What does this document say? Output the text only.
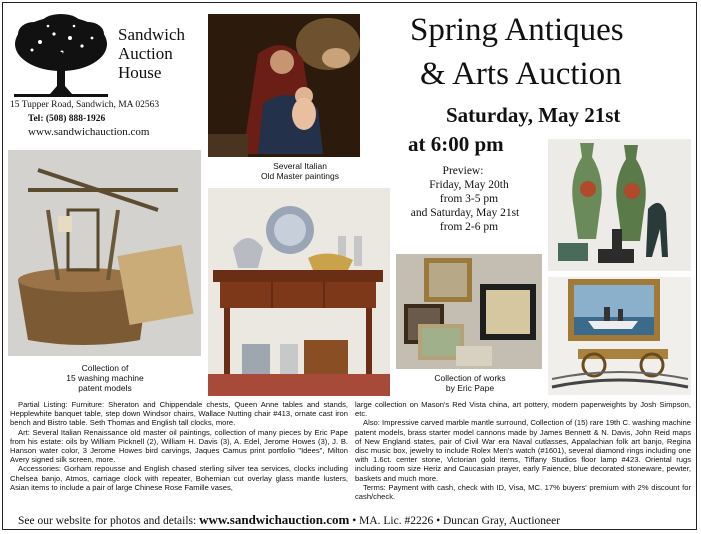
Sandwich
Auction
House
15 Tupper Road, Sandwich, MA 02563
Tel: (508) 888-1926
www.sandwichauction.com
Spring Antiques
& Arts Auction
Saturday, May 21st
at 6:00 pm
Preview:
Friday, May 20th
from 3-5 pm
and Saturday, May 21st
from 2-6 pm
Several Italian
Old Master paintings
Collection of
15 washing machine
patent models
Collection of works
by Eric Pape

Partial Listing: Furniture: Sheraton and Chippendale chests, Queen Anne tables and stands, Hepplewhite banquet table, step down Windsor chairs, Wallace Nutting chair #413, ornate cast iron bench and Bistro table. Seth Thomas and English tall clocks, more.

Art: Several Italian Renaissance old master oil paintings, collection of many pieces by Eric Pape from his estate: oils by William Picknell (2), William H. Davis (3), A. Edel, Jerome Howes (3), J. B. Hanson water color, 3 Jerome Howes bird carvings, Jaques Camus print portfolio "Idees", Milton Avery signed silk screen, more.

Accessories: Gorham repousse and English chased sterling silver tea services, clocks including Chelsea banjo, Atmos, carriage clock with repeater, Bohemian cut overlay glass mantle lusters, Asian items to include a pair of large Chinese Rose Famille vases,

large collection on Mason's Red Vista china, art pottery, modern paperweights by Josh Simpson, etc.

Also: Impressive carved marble mantle surround, Collection of (15) rare 19th C. washing machine patent models, brass starter model cannons made by James Bennett & N. Davis, John Reid maps of New England states, pair of Civil War era Naval cutlasses, Appalachian folk art banjo, Regina disc music box, jewelry to include Rolex Men's watch (#1601), several diamond rings including one with 1.6ct. center stone, Victorian gold items, Tiffany Studios floor lamp #423. Oriental rugs including room size Heriz and Caucasian prayer, early Faience, blue decorated stoneware, pewter, baskets and much more.

Terms: Payment with cash, check with ID, Visa, MC. 17% buyers' premium with 2% discount for cash/check.

See our website for photos and details: www.sandwichauction.com • MA. Lic. #2226 • Duncan Gray, Auctioneer
